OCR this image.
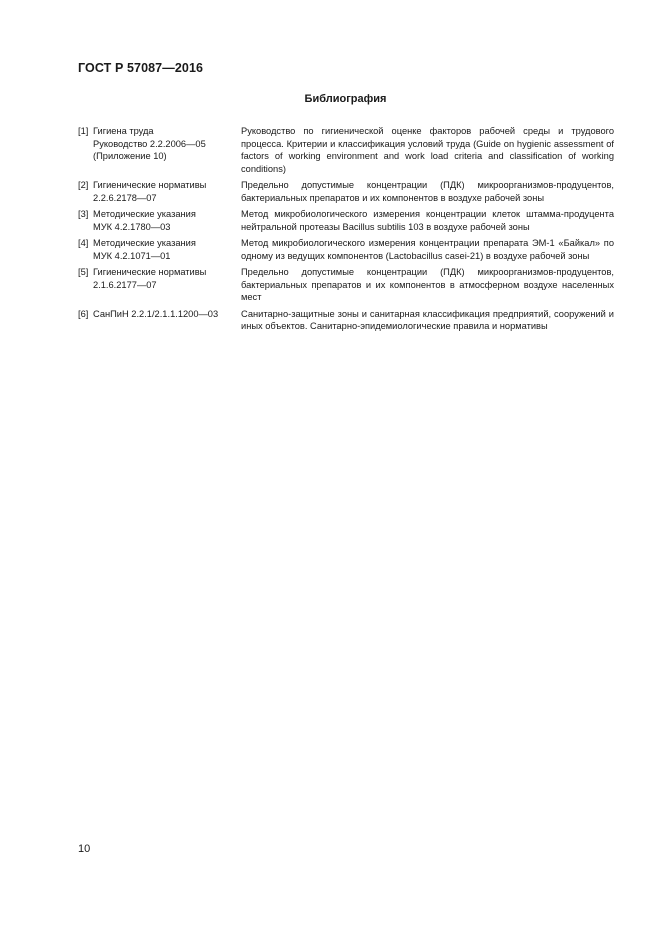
ГОСТ Р 57087—2016
Библиография
[1] Гигиена труда
Руководство 2.2.2006—05
(Приложение 10)
Руководство по гигиенической оценке факторов рабочей среды и трудового процесса. Критерии и классификация условий труда (Guide on hygienic assessment of factors of working environment and work load criteria and classification of working conditions)
[2] Гигиенические нормативы
2.2.6.2178—07
Предельно допустимые концентрации (ПДК) микроорганизмов-продуцентов, бактериальных препаратов и их компонентов в воздухе рабочей зоны
[3] Методические указания
МУК 4.2.1780—03
Метод микробиологического измерения концентрации клеток штамма-продуцента нейтральной протеазы Bacillus subtilis 103 в воздухе рабочей зоны
[4] Методические указания
МУК 4.2.1071—01
Метод микробиологического измерения концентрации препарата ЭМ-1 «Байкал» по одному из ведущих компонентов (Lactobacillus casei-21) в воздухе рабочей зоны
[5] Гигиенические нормативы
2.1.6.2177—07
Предельно допустимые концентрации (ПДК) микроорганизмов-продуцентов, бактериальных препаратов и их компонентов в атмосферном воздухе населенных мест
[6] СанПиН 2.2.1/2.1.1.1200—03	Санитарно-защитные зоны и санитарная классификация предприятий, сооружений и иных объектов. Санитарно-эпидемиологические правила и нормативы
10
